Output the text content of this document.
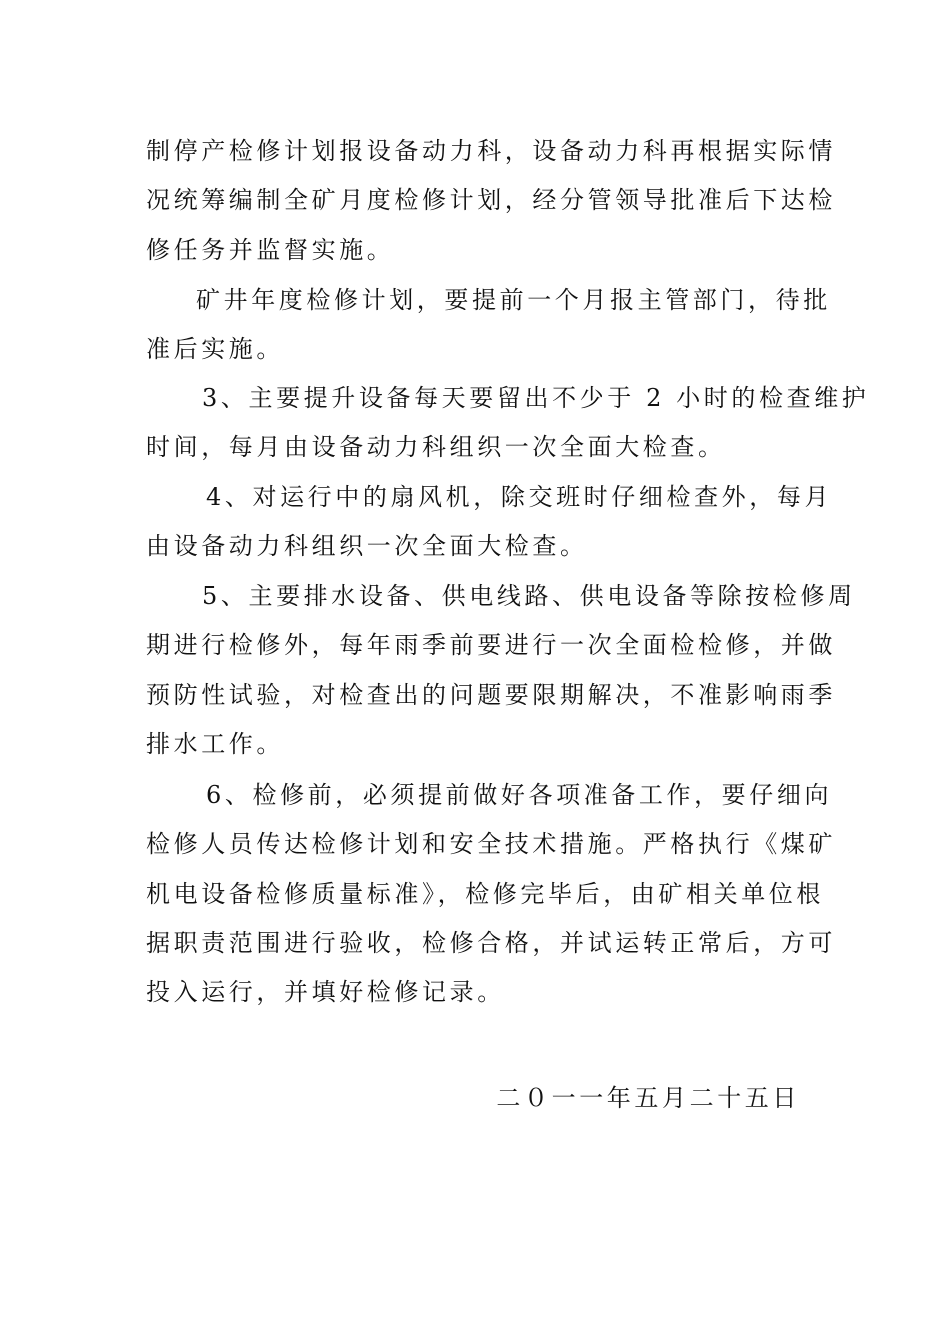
制停产检修计划报设备动力科，设备动力科再根据实际情
况统筹编制全矿月度检修计划，经分管领导批准后下达检
修任务并监督实施。
矿井年度检修计划，要提前一个月报主管部门，待批
准后实施。
3、主要提升设备每天要留出不少于 2 小时的检查维护
时间，每月由设备动力科组织一次全面大检查。
4、对运行中的扇风机，除交班时仔细检查外，每月
由设备动力科组织一次全面大检查。
5、主要排水设备、供电线路、供电设备等除按检修周
期进行检修外，每年雨季前要进行一次全面检检修，并做
预防性试验，对检查出的问题要限期解决，不准影响雨季
排水工作。
6、检修前，必须提前做好各项准备工作，要仔细向
检修人员传达检修计划和安全技术措施。严格执行《煤矿
机电设备检修质量标准》，检修完毕后，由矿相关单位根
据职责范围进行验收，检修合格，并试运转正常后，方可
投入运行，并填好检修记录。
二０一一年五月二十五日
